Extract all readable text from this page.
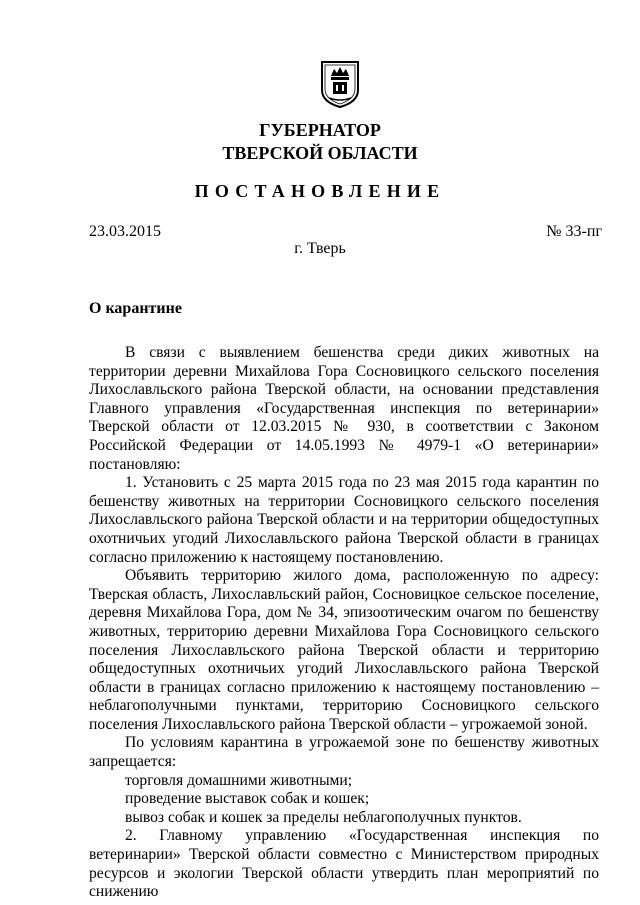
ГУБЕРНАТОР
ТВЕРСКОЙ ОБЛАСТИ
ПОСТАНОВЛЕНИЕ
23.03.2015	№ 33-пг
г. Тверь
О карантине

В связи с выявлением бешенства среди диких животных на территории деревни Михайлова Гора Сосновицкого сельского поселения Лихославльского района Тверской области, на основании представления Главного управления «Государственная инспекция по ветеринарии» Тверской области от 12.03.2015 № 930, в соответствии с Законом Российской Федерации от 14.05.1993 № 4979-1 «О ветеринарии» постановляю:

1. Установить с 25 марта 2015 года по 23 мая 2015 года карантин по бешенству животных на территории Сосновицкого сельского поселения Лихославльского района Тверской области и на территории общедоступных охотничьих угодий Лихославльского района Тверской области в границах согласно приложению к настоящему постановлению.

Объявить территорию жилого дома, расположенную по адресу: Тверская область, Лихославльский район, Сосновицкое сельское поселение, деревня Михайлова Гора, дом № 34, эпизоотическим очагом по бешенству животных, территорию деревни Михайлова Гора Сосновицкого сельского поселения Лихославльского района Тверской области и территорию общедоступных охотничьих угодий Лихославльского района Тверской области в границах согласно приложению к настоящему постановлению – неблагополучными пунктами, территорию Сосновицкого сельского поселения Лихославльского района Тверской области – угрожаемой зоной.

По условиям карантина в угрожаемой зоне по бешенству животных запрещается:

торговля домашними животными;

проведение выставок собак и кошек;

вывоз собак и кошек за пределы неблагополучных пунктов.

2. Главному управлению «Государственная инспекция по ветеринарии» Тверской области совместно с Министерством природных ресурсов и экологии Тверской области утвердить план мероприятий по снижению
